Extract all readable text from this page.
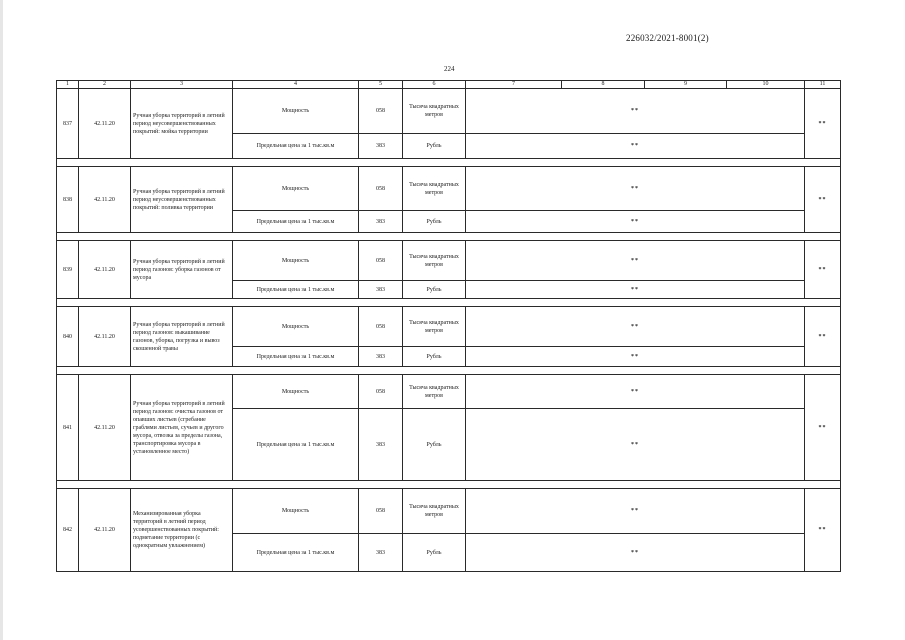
226032/2021-8001(2)
224
1	2	3	4	5	6	7	8	9	10	11
837	42.11.20	Ручная уборка территорий в летний период неусовершенствованных покрытий: мойка территории	Мощность	058	Тысяча квадратных метров	**				**
			Предельная цена за 1 тыс.кв.м	383	Рубль	**				

838	42.11.20	Ручная уборка территорий в летний период неусовершенствованных покрытий: поливка территории	Мощность	058	Тысяча квадратных метров	**				**
			Предельная цена за 1 тыс.кв.м	383	Рубль	**				

839	42.11.20	Ручная уборка территорий в летний период газонов: уборка газонов от мусора	Мощность	058	Тысяча квадратных метров	**				**
			Предельная цена за 1 тыс.кв.м	383	Рубль	**				

840	42.11.20	Ручная уборка территорий в летний период газонов: выкашивание газонов, уборка, погрузка и вывоз скошенной травы	Мощность	058	Тысяча квадратных метров	**				**
			Предельная цена за 1 тыс.кв.м	383	Рубль	**				

841	42.11.20	Ручная уборка территорий в летний период газонов: очистка газонов от опавших листьев (сгребание граблями листьев, сучьев и другого мусора, отвозка за пределы газона, транспортировка мусора в установленное место)	Мощность	058	Тысяча квадратных метров	**				**
			Предельная цена за 1 тыс.кв.м	383	Рубль	**				

842	42.11.20	Механизированная уборка территорий в летний период усовершенствованных покрытий: подметание территории (с однократным увлажнением)	Мощность	058	Тысяча квадратных метров	**				**
			Предельная цена за 1 тыс.кв.м	383	Рубль	**				
